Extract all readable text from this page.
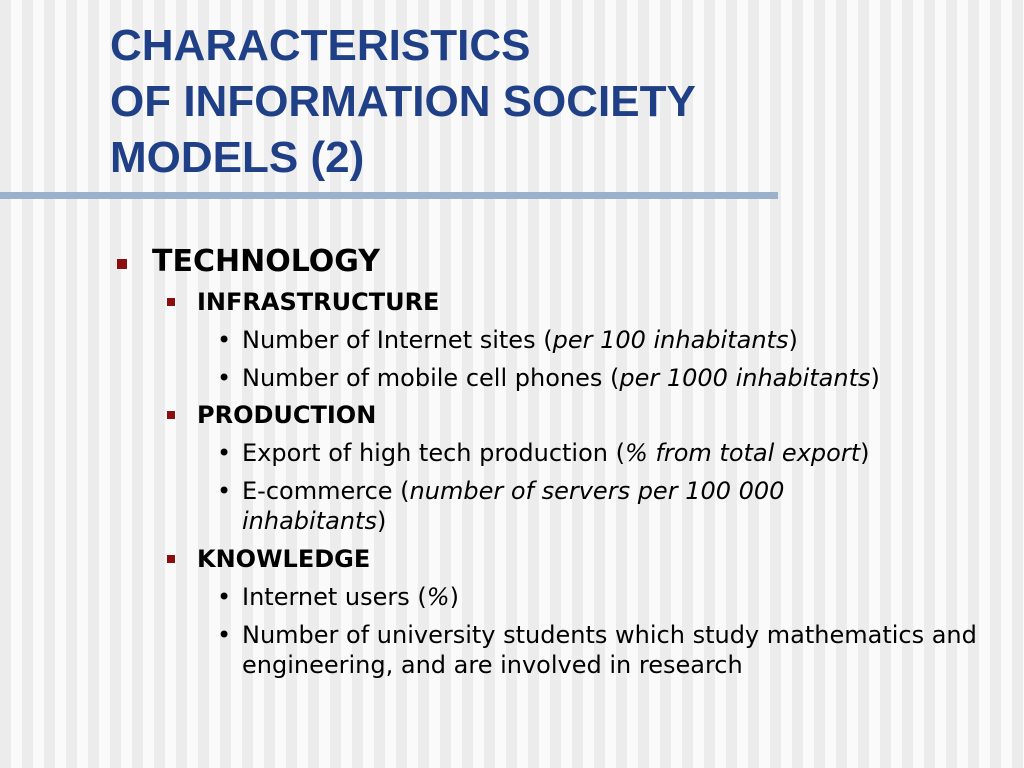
CHARACTERISTICS
OF INFORMATION SOCIETY
MODELS (2)
TECHNOLOGY
INFRASTRUCTURE
• Number of Internet sites (per 100 inhabitants)
• Number of mobile cell phones (per 1000 inhabitants)
PRODUCTION
• Export of high tech production (% from total export)
• E-commerce (number of servers per 100 000 inhabitants)
KNOWLEDGE
• Internet users (%)
• Number of university students which study mathematics and engineering, and are involved in research
